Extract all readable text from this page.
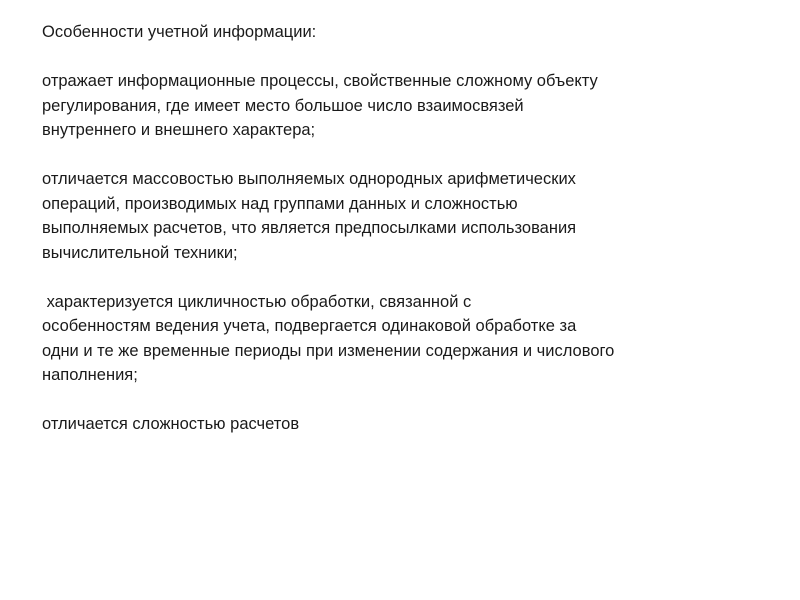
Особенности учетной информации:
отражает информационные процессы, свойственные сложному объекту
регулирования, где имеет место большое число взаимосвязей
внутреннего и внешнего характера;
отличается массовостью выполняемых однородных арифметических
операций, производимых над группами данных и сложностью
выполняемых расчетов, что является предпосылками использования
вычислительной техники;
характеризуется цикличностью обработки, связанной с
особенностям ведения учета, подвергается одинаковой обработке за
одни и те же временные периоды при изменении содержания и числового
наполнения;
отличается сложностью расчетов
